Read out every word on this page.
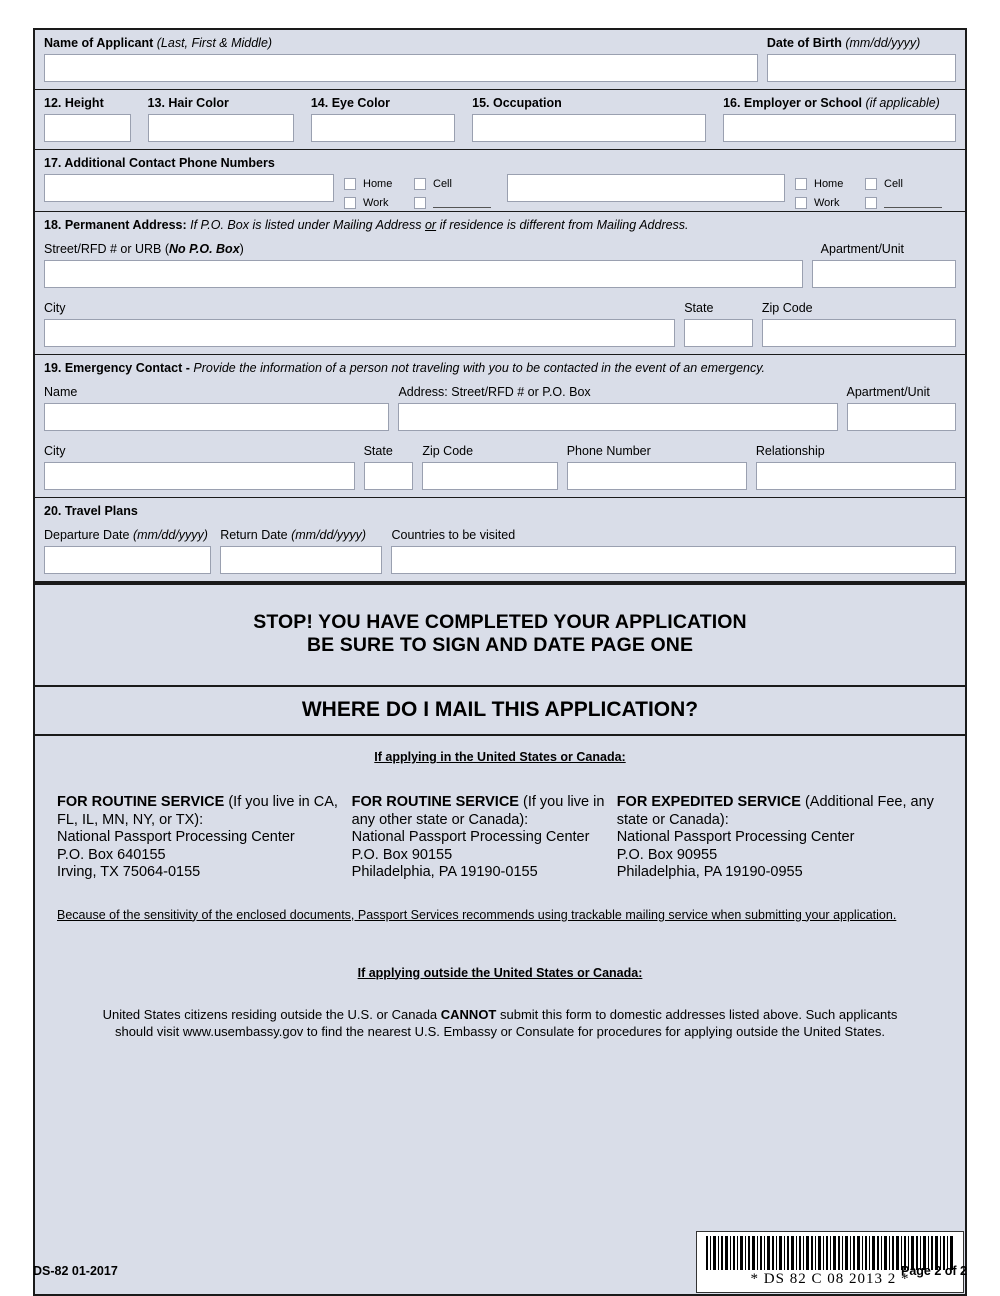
Name of Applicant (Last, First & Middle)	Date of Birth (mm/dd/yyyy)
12. Height	13. Hair Color	14. Eye Color	15. Occupation	16. Employer or School (if applicable)
17. Additional Contact Phone Numbers
Home	Cell
Work
Home	Cell
Work
18. Permanent Address: If P.O. Box is listed under Mailing Address or if residence is different from Mailing Address.
Street/RFD # or URB (No P.O. Box)	Apartment/Unit
City	State	Zip Code
19. Emergency Contact - Provide the information of a person not traveling with you to be contacted in the event of an emergency.
Name	Address: Street/RFD # or P.O. Box	Apartment/Unit
City	State	Zip Code	Phone Number	Relationship
20. Travel Plans
Departure Date (mm/dd/yyyy) Return Date (mm/dd/yyyy)	Countries to be visited
STOP! YOU HAVE COMPLETED YOUR APPLICATION
BE SURE TO SIGN AND DATE PAGE ONE
WHERE DO I MAIL THIS APPLICATION?
If applying in the United States or Canada:
FOR ROUTINE SERVICE (If you live in CA, FL, IL, MN, NY, or TX):
National Passport Processing Center
P.O. Box 640155
Irving, TX 75064-0155
FOR ROUTINE SERVICE (If you live in any other state or Canada):
National Passport Processing Center
P.O. Box 90155
Philadelphia, PA 19190-0155
FOR EXPEDITED SERVICE (Additional Fee, any state or Canada):
National Passport Processing Center
P.O. Box 90955
Philadelphia, PA 19190-0955
Because of the sensitivity of the enclosed documents, Passport Services recommends using trackable mailing service when submitting your application.
If applying outside the United States or Canada:
United States citizens residing outside the U.S. or Canada CANNOT submit this form to domestic addresses listed above. Such applicants should visit www.usembassy.gov to find the nearest U.S. Embassy or Consulate for procedures for applying outside the United States.
* DS 82 C 08 2013 2 *
DS-82 01-2017	Page 2 of 2
